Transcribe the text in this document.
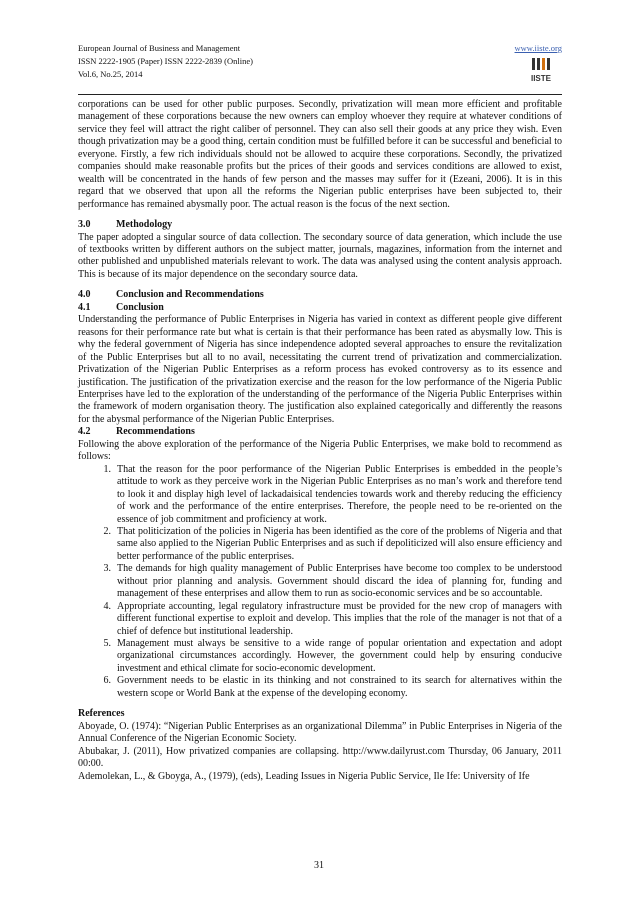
European Journal of Business and Management
ISSN 2222-1905 (Paper) ISSN 2222-2839 (Online)
Vol.6, No.25, 2014
www.iiste.org
IISTE

corporations can be used for other public purposes. Secondly, privatization will mean more efficient and profitable management of these corporations because the new owners can employ whoever they require at whatever conditions of service they feel will attract the right caliber of personnel. They can also sell their goods at any price they wish. Even though privatization may be a good thing, certain condition must be fulfilled before it can be successful and beneficial to everyone. Firstly, a few rich individuals should not be allowed to acquire these corporations. Secondly, the privatized companies should make reasonable profits but the prices of their goods and services conditions are allowed to exist, wealth will be concentrated in the hands of few person and the masses may suffer for it (Ezeani, 2006). It is in this regard that we observed that upon all the reforms the Nigerian public enterprises have been subjected to, their performance has remained abysmally poor. The actual reason is the focus of the next section.

3.0	Methodology

The paper adopted a singular source of data collection. The secondary source of data generation, which include the use of textbooks written by different authors on the subject matter, journals, magazines, information from the internet and other published and unpublished materials relevant to work. The data was analysed using the content analysis approach. This is because of its major dependence on the secondary source data.

4.0	Conclusion and Recommendations
4.1	Conclusion

Understanding the performance of Public Enterprises in Nigeria has varied in context as different people give different reasons for their performance rate but what is certain is that their performance has been rated as abysmally low. This is why the federal government of Nigeria has since independence adopted several approaches to ensure the revitalization of the Public Enterprises but all to no avail, necessitating the current trend of privatization and commercialization. Privatization of the Nigerian Public Enterprises as a reform process has evoked controversy as to its essence and justification. The justification of the privatization exercise and the reason for the low performance of the Nigeria Public Enterprises have led to the exploration of the understanding of the performance of the Nigeria Public Enterprises within the framework of modern organisation theory. The justification also explained categorically and differently the reasons for the abysmal performance of the Nigerian Public Enterprises.

4.2	Recommendations

Following the above exploration of the performance of the Nigeria Public Enterprises, we make bold to recommend as follows:

1. That the reason for the poor performance of the Nigerian Public Enterprises is embedded in the people’s attitude to work as they perceive work in the Nigerian Public Enterprises as no man’s work and therefore tend to look it and display high level of lackadaisical tendencies towards work and thereby reducing the efficiency of work and the performance of the entire enterprises. Therefore, the people need to be re-oriented on the essence of job commitment and proficiency at work.
2. That politicization of the policies in Nigeria has been identified as the core of the problems of Nigeria and that same also applied to the Nigerian Public Enterprises and as such if depoliticized will also ensure efficiency and better performance of the public enterprises.
3. The demands for high quality management of Public Enterprises have become too complex to be understood without prior planning and analysis. Government should discard the idea of planning for, funding and management of these enterprises and allow them to run as socio-economic services and be so accountable.
4. Appropriate accounting, legal regulatory infrastructure must be provided for the new crop of managers with different functional expertise to exploit and develop. This implies that the role of the manager is not that of a chief of defence but institutional leadership.
5. Management must always be sensitive to a wide range of popular orientation and expectation and adopt organizational circumstances accordingly. However, the government could help by ensuring conducive investment and ethical climate for socio-economic development.
6. Government needs to be elastic in its thinking and not constrained to its search for alternatives within the western scope or World Bank at the expense of the developing economy.
References

Aboyade, O. (1974): “Nigerian Public Enterprises as an organizational Dilemma” in Public Enterprises in Nigeria of the Annual Conference of the Nigerian Economic Society.

Abubakar, J. (2011), How privatized companies are collapsing. http://www.dailyrust.com Thursday, 06 January, 2011 00:00.

Ademolekan, L., & Gboyga, A., (1979), (eds), Leading Issues in Nigeria Public Service, Ile Ife: University of Ife

31
